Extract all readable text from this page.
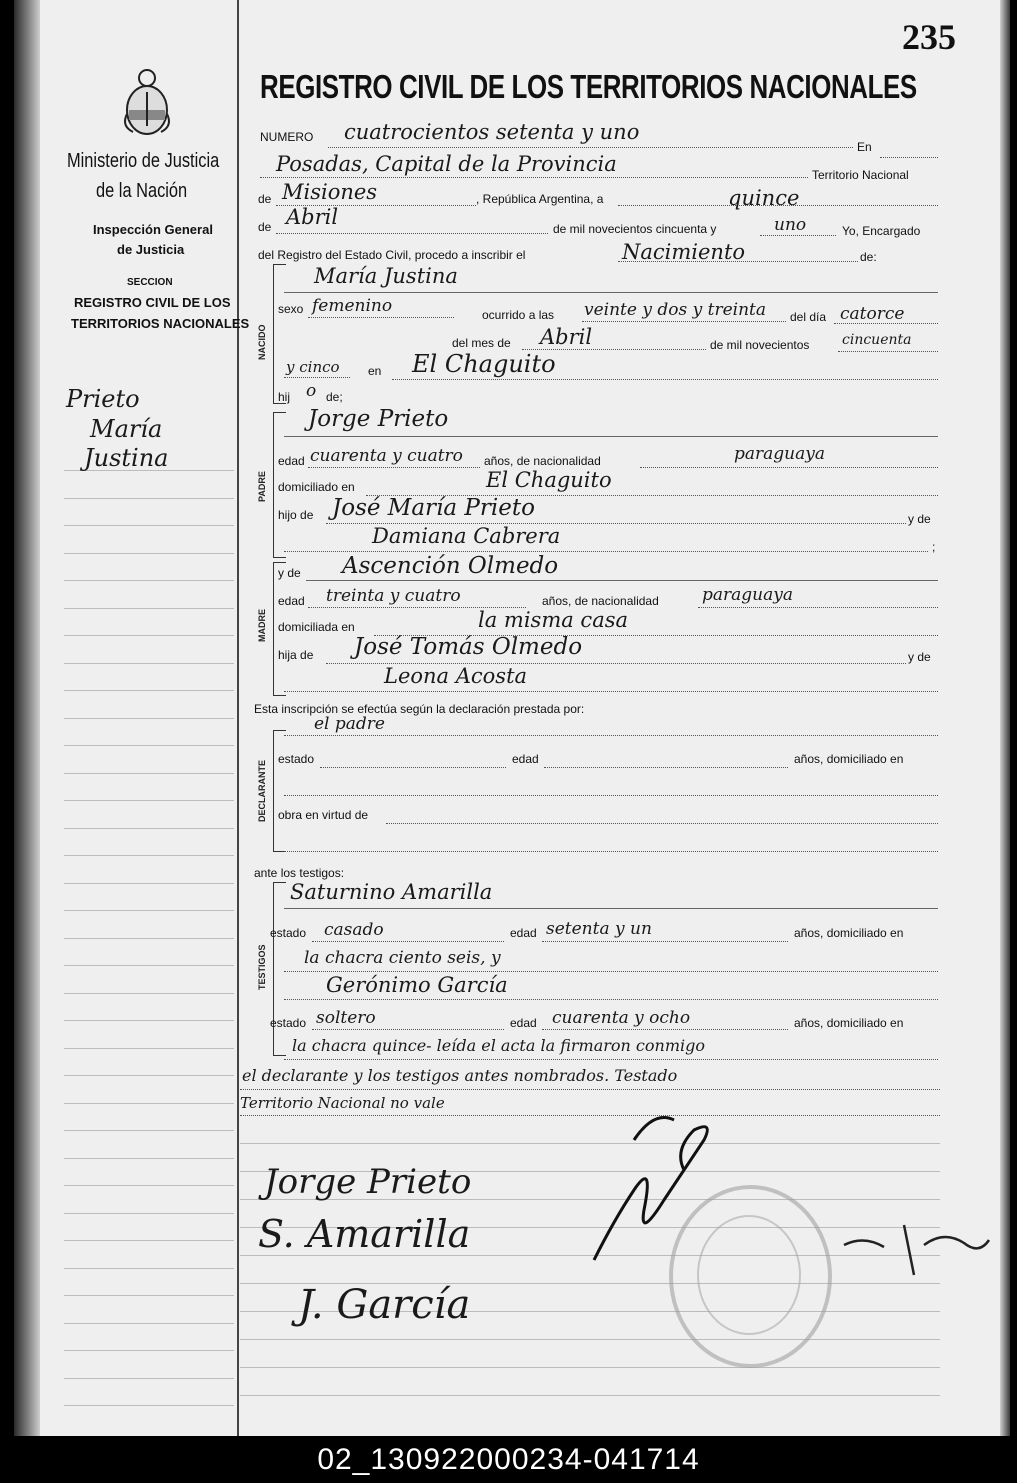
235
Ministerio de Justicia
de la Nación
Inspección General
de Justicia
SECCION
REGISTRO CIVIL DE LOS
TERRITORIOS NACIONALES
Prieto
María
Justina
REGISTRO CIVIL DE LOS TERRITORIOS NACIONALES
NUMERO cuatrocientos setenta y uno
En
Posadas, Capital de la Provincia	Territorio Nacional
de Misiones	, República Argentina, a	quince
de Abril	de mil novecientos cincuenta y	uno	Yo, Encargado
del Registro del Estado Civil, procedo a inscribir el	Nacimiento	de:
NACIDO
María Justina
sexo femenino	ocurrido a las veinte y dos y treinta del día catorce
del mes de Abril	de mil novecientos cincuenta
y cinco en El Chaguito
hij o de;
PADRE
Jorge Prieto
edad cuarenta y cuatro años, de nacionalidad	paraguaya
domiciliado en	El Chaguito
hijo de José María Prieto	y de
Damiana Cabrera	;
MADRE
y de Ascención Olmedo
edad treinta y cuatro	años, de nacionalidad	paraguaya
domiciliada en	la misma casa
hija de José Tomás Olmedo	y de
Leona Acosta
Esta inscripción se efectúa según la declaración prestada por:
el padre
DECLARANTE
estado	edad	años, domiciliado en
obra en virtud de
ante los testigos:
TESTIGOS
Saturnino Amarilla
estado casado	edad setenta y un	años, domiciliado en
la chacra ciento seis, y
Gerónimo García
estado soltero	edad cuarenta y ocho	años, domiciliado en
la chacra quince- leída el acta la firmaron conmigo
el declarante y los testigos antes nombrados. Testado
Territorio Nacional no vale
Jorge Prieto
S. Amarilla
J. García
02_130922000234-041714
